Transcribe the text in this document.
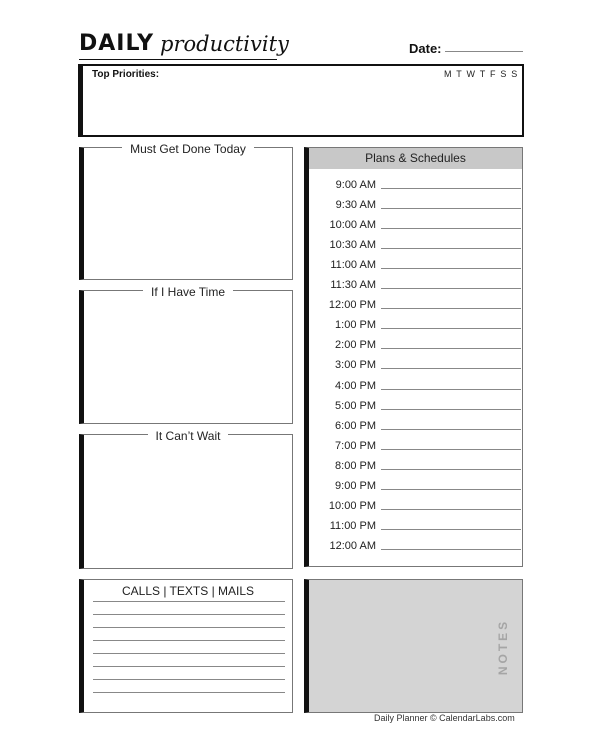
DAILY productivity	Date:
Top Priorities:	M T W T F S S
Must Get Done Today
If I Have Time
It Can’t Wait
CALLS | TEXTS | MAILS
Plans & Schedules
9:00 AM
9:30 AM
10:00 AM
10:30 AM
11:00 AM
11:30 AM
12:00 PM
1:00 PM
2:00 PM
3:00 PM
4:00 PM
5:00 PM
6:00 PM
7:00 PM
8:00 PM
9:00 PM
10:00 PM
11:00 PM
12:00 AM
NOTES
Daily Planner © CalendarLabs.com
